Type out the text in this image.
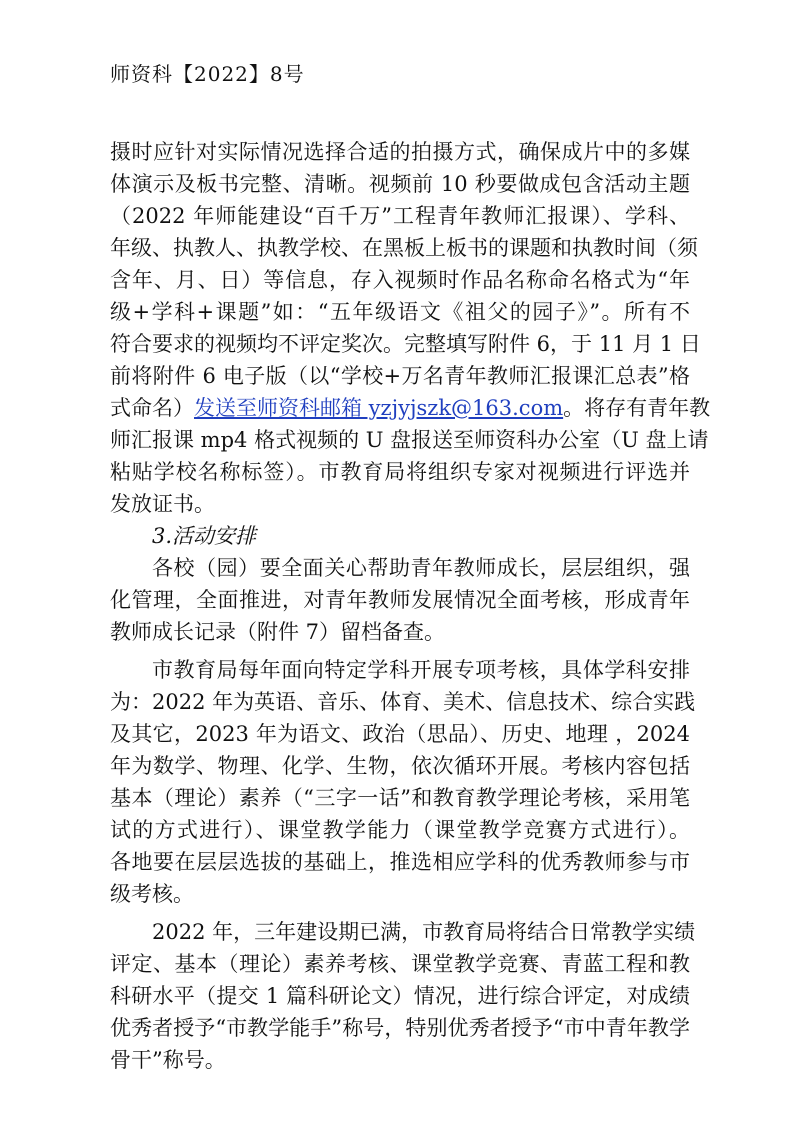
师资科【2022】8号
摄时应针对实际情况选择合适的拍摄方式，确保成片中的多媒
体演示及板书完整、清晰。视频前 10 秒要做成包含活动主题
（2022 年师能建设“百千万”工程青年教师汇报课）、学科、
年级、执教人、执教学校、在黑板上板书的课题和执教时间（须
含年、月、日）等信息，存入视频时作品名称命名格式为“年
级+学科+课题”如：“五年级语文《祖父的园子》”。所有不
符合要求的视频均不评定奖次。完整填写附件 6，于 11 月 1 日
前将附件 6 电子版（以“学校+万名青年教师汇报课汇总表”格
式命名）发送至师资科邮箱 yzjyjszk@163.com。将存有青年教
师汇报课 mp4 格式视频的 U 盘报送至师资科办公室（U 盘上请
粘贴学校名称标签）。市教育局将组织专家对视频进行评选并
发放证书。
3.活动安排
各校（园）要全面关心帮助青年教师成长，层层组织，强
化管理，全面推进，对青年教师发展情况全面考核，形成青年
教师成长记录（附件 7）留档备查。
市教育局每年面向特定学科开展专项考核，具体学科安排
为：2022 年为英语、音乐、体育、美术、信息技术、综合实践
及其它，2023 年为语文、政治（思品）、历史、地理 ，2024
年为数学、物理、化学、生物，依次循环开展。考核内容包括
基本（理论）素养（“三字一话”和教育教学理论考核，采用笔
试的方式进行）、课堂教学能力（课堂教学竞赛方式进行）。
各地要在层层选拔的基础上，推选相应学科的优秀教师参与市
级考核。
2022 年，三年建设期已满，市教育局将结合日常教学实绩
评定、基本（理论）素养考核、课堂教学竞赛、青蓝工程和教
科研水平（提交 1 篇科研论文）情况，进行综合评定，对成绩
优秀者授予“市教学能手”称号，特别优秀者授予“市中青年教学
骨干”称号。
